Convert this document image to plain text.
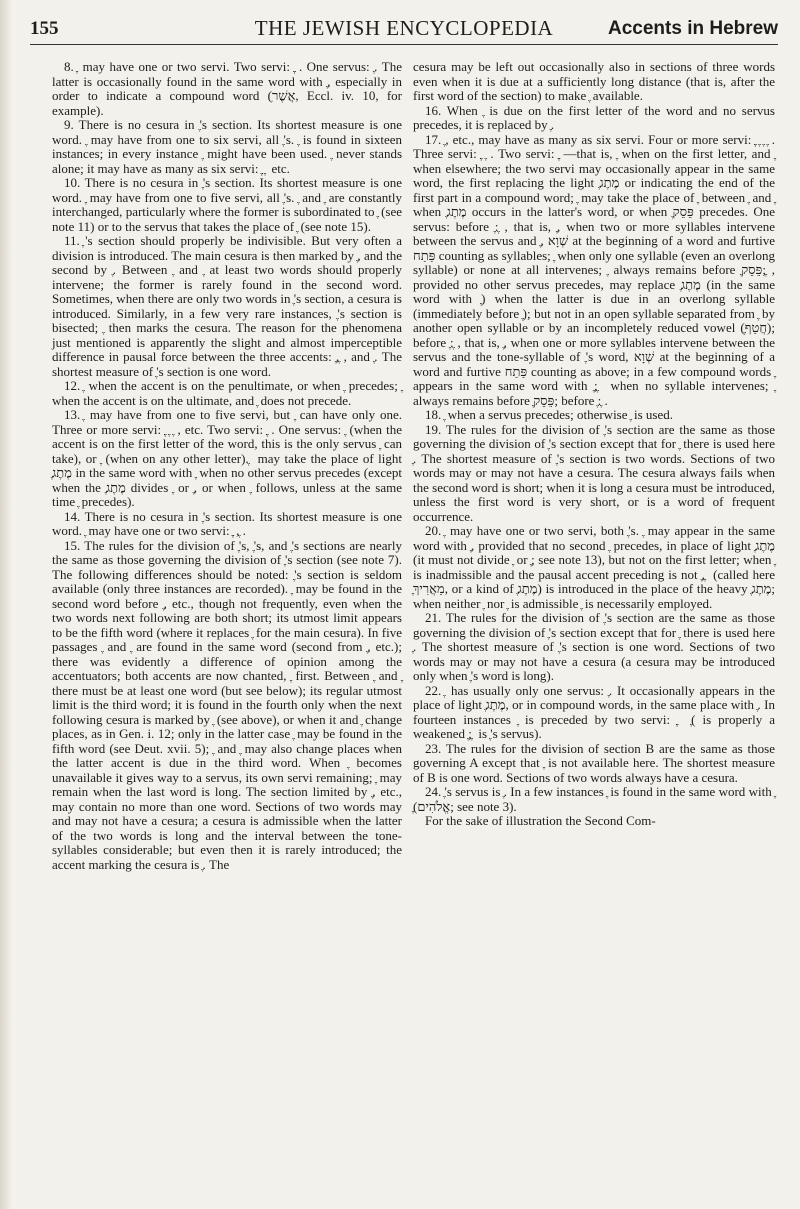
155	THE JEWISH ENCYCLOPEDIA	Accents in Hebrew

8. ֶ may have one or two servi. Two servi: ֶ ֶ. One servus: ֶ. The latter is occasionally found in the same word with ֶ, especially in order to indicate a compound word (ֽאֲשֶׁר, Eccl. iv. 10, for example).

9. There is no cesura in ֶ's section. Its shortest measure is one word. ֶ may have from one to six servi, all ֶ's. ֶ is found in sixteen instances; in every instance ֶ might have been used. ֶ never stands alone; it may have as many as six servi: ֶ ֶ ֶ etc.

10. There is no cesura in ֶ's section. Its shortest measure is one word. ֶ may have from one to five servi, all ֶ's. ֶ and ֶ are constantly interchanged, particularly where the former is subordinated to ֶ (see note 11) or to the servus that takes the place of ֶ (see note 15).

11. ֶ's section should properly be indivisible. But very often a division is introduced. The main cesura is then marked by ֶ, and the second by ֶ. Between ֶ and ֶ at least two words should properly intervene; the former is rarely found in the second word. Sometimes, when there are only two words in ֶ's section, a cesura is introduced. Similarly, in a few very rare instances, ֶ's section is bisected; ֶ then marks the cesura. The reason for the phenomena just mentioned is apparently the slight and almost imperceptible difference in pausal force between the three accents: ֶ, ֶ, and ֶ. The shortest measure of ֶ's section is one word.

12. ֶ when the accent is on the penultimate, or when ֶ precedes; ֶ when the accent is on the ultimate, and ֶ does not precede.

13. ֶ may have from one to five servi, but ֶ can have only one. Three or more servi: ֶ ֶ ֶ ֶ, etc. Two servi: ֶ ֶ. One servus: ֶ (when the accent is on the first letter of the word, this is the only servus ֶ can take), or ֶ (when on any other letter). ֶ may take the place of light ֶמֶתֶג in the same word with ֶ when no other servus precedes (except when the ֶמֶתֶג divides ֶ or ֶ, or when ֶ follows, unless at the same time ֶ precedes).

14. There is no cesura in ֶ's section. Its shortest measure is one word. ֶ may have one or two servi: ֶ ֶ, ֶ.

15. The rules for the division of ֶ's, ֶ's, and ֶ's sections are nearly the same as those governing the division of ֶ's section (see note 7). The following differences should be noted: ֶ's section is seldom available (only three instances are recorded). ֶ may be found in the second word before ֶ, etc., though not frequently, even when the two words next following are both short; its utmost limit appears to be the fifth word (where it replaces ֶ for the main cesura). In five passages ֶ and ֶ are found in the same word (second from ֶ, etc.); there was evidently a difference of opinion among the accentuators; both accents are now chanted, ֶ first. Between ֶ and ֶ there must be at least one word (but see below); its regular utmost limit is the third word; it is found in the fourth only when the next following cesura is marked by ֶ (see above), or when it and ֶ change places, as in Gen. i. 12; only in the latter case ֶ may be found in the fifth word (see Deut. xvii. 5); ֶ and ֶ may also change places when the latter accent is due in the third word. When ֶ becomes unavailable it gives way to a servus, its own servi remaining; ֶ may remain when the last word is long. The section limited by ֶ, etc., may contain no more than one word. Sections of two words may and may not have a cesura; a cesura is admissible when the latter of the two words is long and the interval between the tone-syllables considerable; but even then it is rarely introduced; the accent marking the cesura is ֶ. The

cesura may be left out occasionally also in sections of three words even when it is due at a sufficiently long distance (that is, after the first word of the section) to make ֶ available.

16. When ֶ is due on the first letter of the word and no servus precedes, it is replaced by ֶ.

17. ֶ, etc., may have as many as six servi. Four or more servi: ֶ ֶ ֶ ֶ ֶ. Three servi: ֶ ֶ ֶ. Two servi: ֶ ֶ—that is, ֶ when on the first letter, and ֶ when elsewhere; the two servi may occasionally appear in the same word, the first replacing the light ֶמֶתֶג or indicating the end of the first part in a compound word; ֶ may take the place of ֶ between ֶ and ֶ when ֶמֶתֶג occurs in the latter's word, or when ֶפֵּסֵק precedes. One servus: before ֶ: ֶ, that is, ֶ, when two or more syllables intervene between the servus and ֶ, שְׁוָא at the beginning of a word and furtive פַּתַח counting as syllables; ֶ when only one syllable (even an overlong syllable) or none at all intervenes; ֶ always remains before ֶפֵּסֵק; ֶ, provided no other servus precedes, may replace ֶמֶתֶג (in the same word with ֶ) when the latter is due in an overlong syllable (immediately before ֶ); but not in an open syllable separated from ֶ by another open syllable or by an incompletely reduced vowel (ֶחֲטַף); before ֶ: ֶ, that is, ֶ, when one or more syllables intervene between the servus and the tone-syllable of ֶ's word, שְׁוָא at the beginning of a word and furtive פַּתַח counting as above; in a few compound words ֶ appears in the same word with ֶ; ֶ when no syllable intervenes; ֶ always remains before ֶפֵּסֵק; before ֶ: ֶ.

18. ֶ when a servus precedes; otherwise ֶ is used.

19. The rules for the division of ֶ's section are the same as those governing the division of ֶ's section except that for ֶ there is used here ֶ. The shortest measure of ֶ's section is two words. Sections of two words may or may not have a cesura. The cesura always fails when the second word is short; when it is long a cesura must be introduced, unless the first word is very short, or is a word of frequent occurrence.

20. ֶ may have one or two servi, both ֶ's. ֶ may appear in the same word with ֶ, provided that no second ֶ precedes, in place of light ֶמֶתֶג (it must not divide ֶ or ֶ; see note 13), but not on the first letter; when ֶ is inadmissible and the pausal accent preceding is not ֶ, ֶ (called here ֶמַאֲרִיךְ, or a kind of ֶמֶתֶג) is introduced in the place of the heavy ֶמֶתֶג; when neither ֶ nor ֶ is admissible ֶ is necessarily employed.

21. The rules for the division of ֶ's section are the same as those governing the division of ֶ's section except that for ֶ there is used here ֶ. The shortest measure of ֶ's section is one word. Sections of two words may or may not have a cesura (a cesura may be introduced only when ֶ's word is long).

22. ֶ has usually only one servus: ֶ. It occasionally appears in the place of light ֶמֶתֶג, or in compound words, in the same place with ֶ. In fourteen instances ֶ is preceded by two servi: ֶ ֶ (ֶ is properly a weakened ֶ; ֶ is ֶ's servus).

23. The rules for the division of section B are the same as those governing A except that ֶ is not available here. The shortest measure of B is one word. Sections of two words always have a cesura.

24. ֶ's servus is ֶ. In a few instances ֶ is found in the same word with ֶ (ֶאֱלֹהִים; see note 3).

For the sake of illustration the Second Com-
